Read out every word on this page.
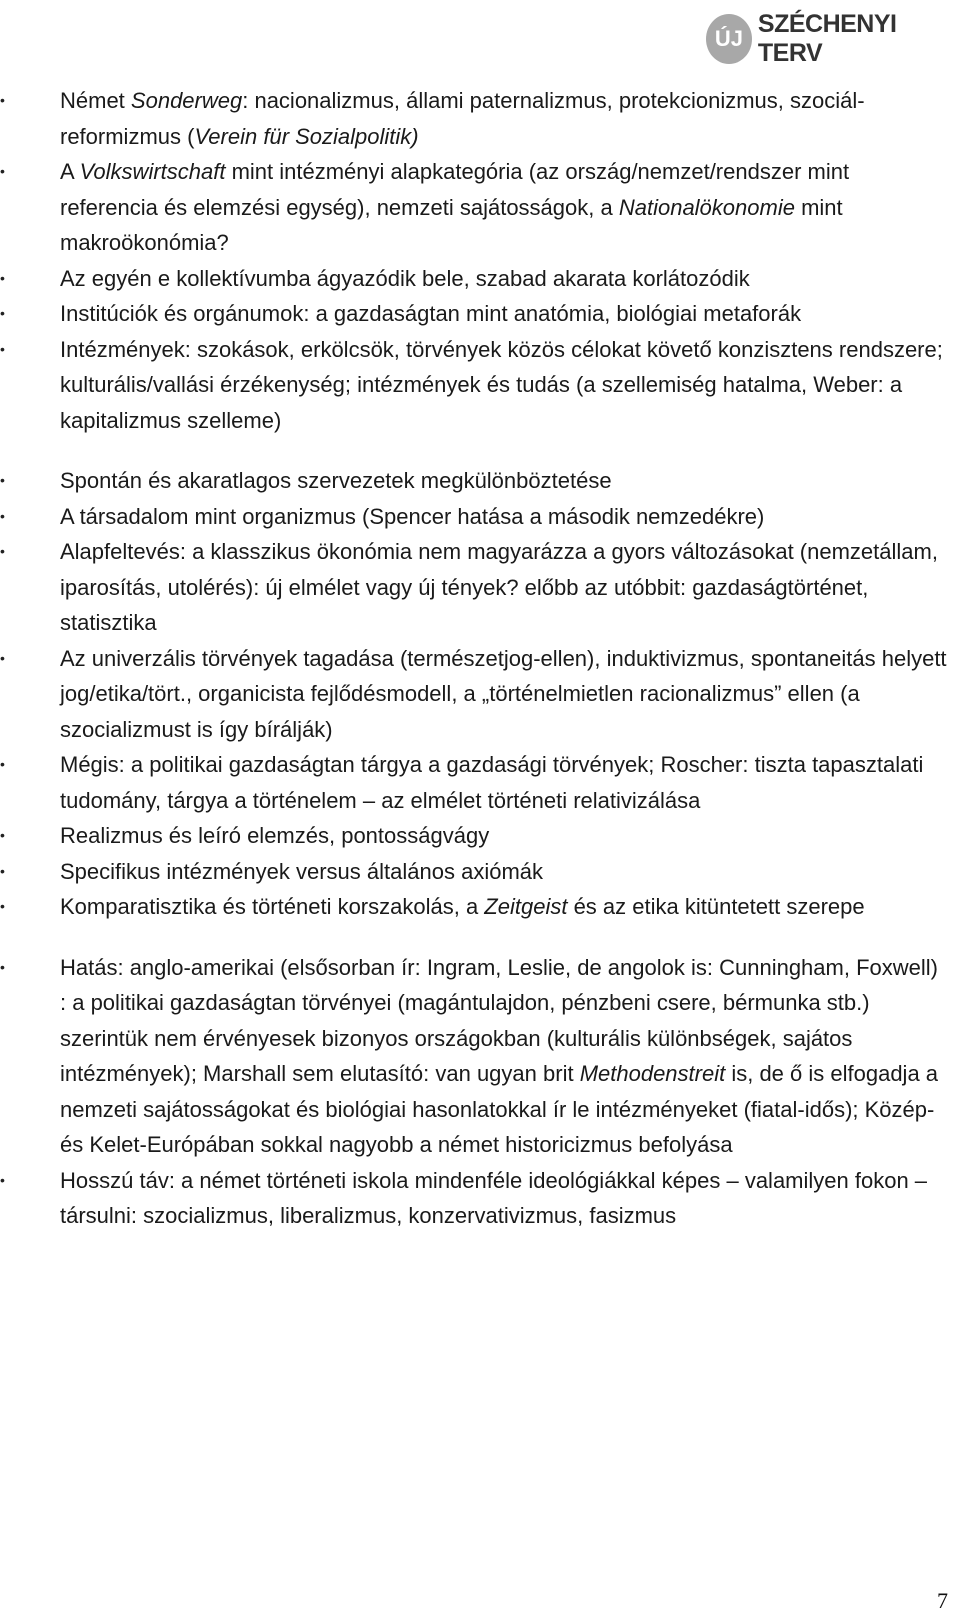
ÚJ
SZÉCHENYI TERV
• Német Sonderweg: nacionalizmus, állami paternalizmus, protekcionizmus, szociál-reformizmus (Verein für Sozialpolitik)
• A Volkswirtschaft mint intézményi alapkategória (az ország/nemzet/rendszer mint referencia és elemzési egység), nemzeti sajátosságok, a Nationalökonomie mint makroökonómia?
• Az egyén e kollektívumba ágyazódik bele, szabad akarata korlátozódik
• Institúciók és orgánumok: a gazdaságtan mint anatómia, biológiai metaforák
• Intézmények: szokások, erkölcsök, törvények közös célokat követő konzisztens rendszere; kulturális/vallási érzékenység; intézmények és tudás (a szellemiség hatalma, Weber: a kapitalizmus szelleme)
• Spontán és akaratlagos szervezetek megkülönböztetése
• A társadalom mint organizmus (Spencer hatása a második nemzedékre)
• Alapfeltevés: a klasszikus ökonómia nem magyarázza a gyors változásokat (nemzetállam, iparosítás, utolérés): új elmélet vagy új tények? előbb az utóbbit: gazdaságtörténet, statisztika
• Az univerzális törvények tagadása (természetjog-ellen), induktivizmus, spontaneitás helyett jog/etika/tört., organicista fejlődésmodell, a „történelmietlen racionalizmus” ellen (a szocializmust is így bírálják)
• Mégis: a politikai gazdaságtan tárgya a gazdasági törvények; Roscher: tiszta tapasztalati tudomány, tárgya a történelem – az elmélet történeti relativizálása
• Realizmus és leíró elemzés, pontosságvágy
• Specifikus intézmények versus általános axiómák
• Komparatisztika és történeti korszakolás, a Zeitgeist és az etika kitüntetett szerepe
• Hatás: anglo-amerikai (elsősorban ír: Ingram, Leslie, de angolok is: Cunningham, Foxwell) : a politikai gazdaságtan törvényei (magántulajdon, pénzbeni csere, bérmunka stb.) szerintük nem érvényesek bizonyos országokban (kulturális különbségek, sajátos intézmények); Marshall sem elutasító: van ugyan brit Methodenstreit is, de ő is elfogadja a nemzeti sajátosságokat és biológiai hasonlatokkal ír le intézményeket (fiatal-idős); Közép- és Kelet-Európában sokkal nagyobb a német historicizmus befolyása
• Hosszú táv: a német történeti iskola mindenféle ideológiákkal képes – valamilyen fokon – társulni: szocializmus, liberalizmus, konzervativizmus, fasizmus
7
